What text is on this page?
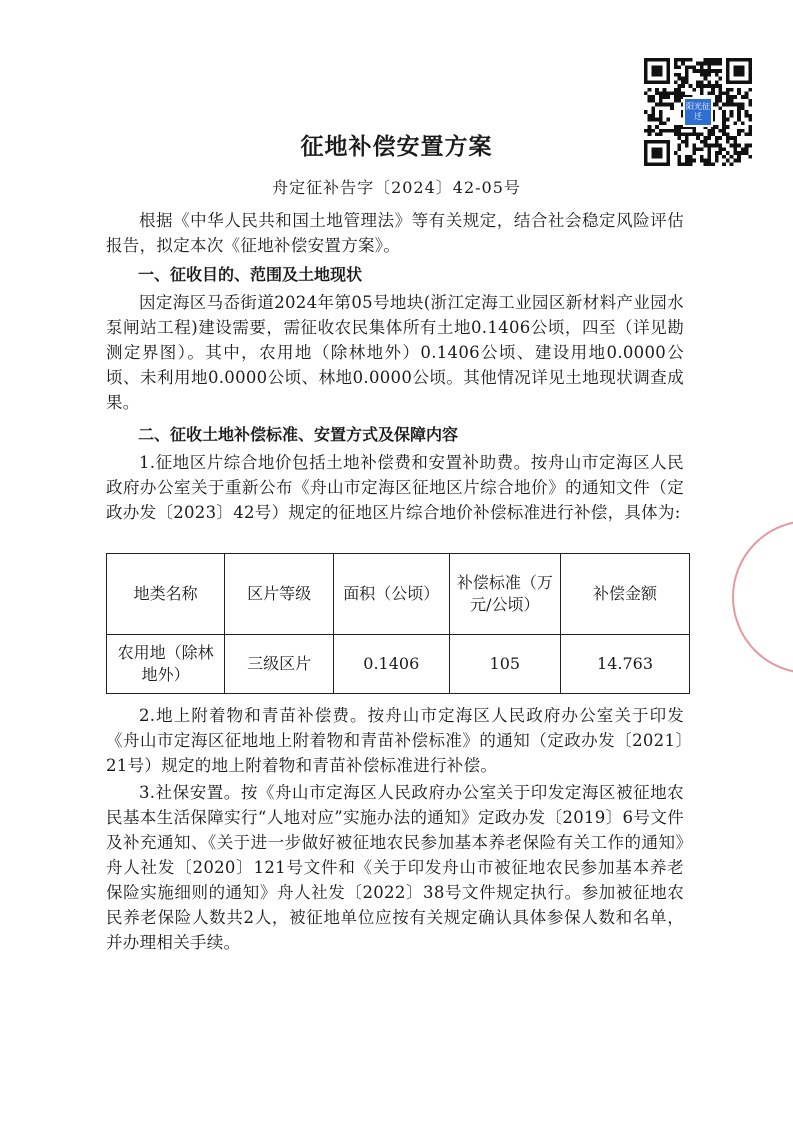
阳光征迁
征地补偿安置方案
舟定征补告字〔2024〕42-05号

根据《中华人民共和国土地管理法》等有关规定，结合社会稳定风险评估报告，拟定本次《征地补偿安置方案》。

一、征收目的、范围及土地现状

因定海区马岙街道2024年第05号地块(浙江定海工业园区新材料产业园水泵闸站工程)建设需要，需征收农民集体所有土地0.1406公顷，四至（详见勘测定界图）。其中，农用地（除林地外）0.1406公顷、建设用地0.0000公顷、未利用地0.0000公顷、林地0.0000公顷。其他情况详见土地现状调查成果。

二、征收土地补偿标准、安置方式及保障内容

1.征地区片综合地价包括土地补偿费和安置补助费。按舟山市定海区人民政府办公室关于重新公布《舟山市定海区征地区片综合地价》的通知文件（定政办发〔2023〕42号）规定的征地区片综合地价补偿标准进行补偿，具体为:

地类名称	区片等级	面积（公顷）	补偿标准（万元/公顷）	补偿金额
农用地（除林地外）	三级区片	0.1406	105	14.763

2.地上附着物和青苗补偿费。按舟山市定海区人民政府办公室关于印发《舟山市定海区征地地上附着物和青苗补偿标准》的通知（定政办发〔2021〕21号）规定的地上附着物和青苗补偿标准进行补偿。

3.社保安置。按《舟山市定海区人民政府办公室关于印发定海区被征地农民基本生活保障实行“人地对应”实施办法的通知》定政办发〔2019〕6号文件及补充通知、《关于进一步做好被征地农民参加基本养老保险有关工作的通知》舟人社发〔2020〕121号文件和《关于印发舟山市被征地农民参加基本养老保险实施细则的通知》舟人社发〔2022〕38号文件规定执行。参加被征地农民养老保险人数共2人，被征地单位应按有关规定确认具体参保人数和名单，并办理相关手续。
